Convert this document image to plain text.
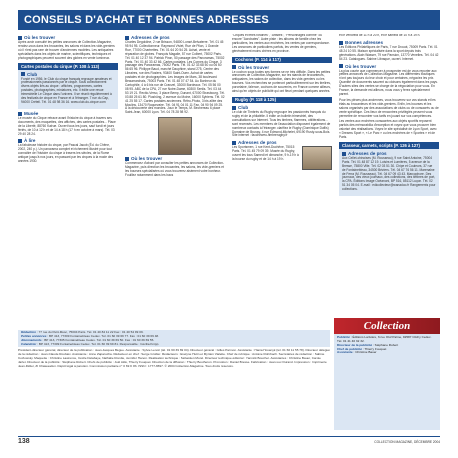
CONSEILS D'ACHAT ET BONNES ADRESSES
Où les trouver
Après avoir consulté les petites annonces de Collection-Magazine, rendez-vous dans les brocantes, les salons et dans les vide-greniers où il n'est pas rare de trouver d'anciennes modèles. Les antiquaires spécialisés dans les objets de marine, scientifiques, techniques et photographiques peuvent souvent des globes en vente lumineux.
Cartes postales du cirque (P. 108 à 113)
Club
Fondé en 1956, le Club du cirque français regroupe amateurs et professionnels passionnés par le cirque. Sous collectionnent divers objets liés au cirque : affiches, programmes, cartes postales, photographies, miniatures, etc. Il édite une revue trimestrielle Le Cirque dans l'univers. Il se réunit régulièrement à des festivals de cirque en France et à l'étranger. 7 rue du Cap, 94000 Créteil. Tél. 01 48 98 36 16. www.club-du-cirque.com
Musée
Le musée du Cirque retrace avant l'histoire du cirque à travers ses documents, des maquettes, des affiches, des cartes postales... Place de la Liberté, 88760 Kalrue. Ouvert tous les jours, sauf lundi et jours fériés, de 10 à 12 h et de 14 à 18 h (17 h en octobre à mars). Tél. 03 29 40 28 24.
À lire
La fabuleuse histoire du cirque, par Pascal Jacob (Éd. du Chêne, 2002, 240 p.). Un panorama complet et richement illustré pour tout connaître de l'histoire du cirque à travers les siècles, de la Rome antique jusqu'à nos jours, en passant par les cirques à la mode des années 1930.
Adresses de pros
Charles Degoldine, 2 rue Brisson, 94800 Lonsé-Belvaterre. Tél. 01 45 95 94 95. Collectionneur. Raymond Viviet, Rue de Pilon, 1 Grande Rue, 77000 Chartrettes. Tél. 01 64 20 54 25. Achat, vente et réparation de globes. François Magalie, 57 rue Colbert, 75002 Paris. Tél. 01 40 12 37 94. Patrick Piron, 50 passage des Panoramas, 75002 Paris. Tél. 01 40 33 42 66. Cartes postales. Les Cornes du Cirque, 3 passage des Panoramas, 75002 Paris. Tél. 01 42 33 68 50 ou 06 60 56 65 96. Philippe Baud, marché Dauphine, stand 275, Centre des Libraires, rue des Rosiers, 93400 Saint-Ouen. Achat de cartes postales et de photographies. Les Images de Mars, 38 boulevard Beaumarchais, 75003 Paris. Tél. 01 48 07 47 54. Au Bonheur du Cartophile, 4 à 6 bis rue de Cranzel, 33000 Bordeaux. Tél. 05 56 00 08 95. ABC de la CPA, 27 rue Notre-Dame, 60300 Senlis. Tél. 03 44 53 19 21. Rectio-Verso, 3 place Bemp, Dunant, 67000 Strasbourg. Tél. 03 88 25 61 80. Plushüng, 2 avenue du Moine, 16000 Sybiens. Tél. 02 41 25 55 17. Cartes postales anciennes. Rétro-Photo, 3 bis allée des Moulins, 13470 Roquevaire. Tél. 04 91 04 01 11 Fax. 04 90 94 09 25. À la découverte des mondes. Joux le Temps, M. Bechereau 6 place Saint-Jean, 60000 Lyon. Tél. 04 78 28 98 92.
Où les trouver
Commencez d'abord par consulter les petites annonces de Collection-Magazine, puis direction les brocantes, les salons, les vide-greniers et les bourses spécialisées où vous trouverez aisément votre bonheur. Fouillez notamment dans les bacs
"Cirques et fêtes foraines", "Artistes", "Personnages comme" ou encore "Acrobates". Autre piste : les albums de famille chez les particuliers, les ventes aux enchères, les ventes par correspondance. Les annonces de particuliers parfois, les ventes de greniers, généralement moins chères en province.
Cochons (P. 114 à 117)
Où les trouver
Le cochon sous toutes ses formes se ne trés difficile. Dans les petites annonces de Collection-Magazine, sur les stands de brocanteurs, antiquaires, les salons de collection, dans les vide-greniers ou les bourses. Vos recherches se porteront particulièrement sur les tirelires, porcelaine, faïence, cochons de souvenirs, en France comme ailleurs, ainsi qu'en objets de publicité qui ont fleuri pendant quelques années.
Rugby (P. 118 à 125)
Club
Le club de Timbrés du Rugby regroupe les passionnés français du rugby et de la philatélie. Il édite un bulletin trimestriel, des consultations sur Internet. Tous les timbres, flammes, oblitérations... sont recensés. Les membres de l'association disposent également de nombreux contacts à l'étranger. clarifiez le Rugby (Dominique Dufils) Domaine de Brunay, 4 rue Edmond-Michelet, 69190 Rusty-sous-Bois. Site internet : faccheweu-fimbrerugby.fr
Adresses de pros
Les Sportsmen, 1 rue Kent-Duchêne, 75015 Paris. Tél. 01 45 79 09 39. Musée du Rugby, ouvert les tous Samedi et dimanche, 9 h-19 h à la bourse du rugby et de 14 h à 19 h.
et le vendredi de 11 h à 20 h, et le samedi de 10 h à 19 h.
Bonnes adresses
Les Éditions Philatéliques de Paris, 7 rue Drouot, 75009 Paris. Tél. 01 48 24 10 55. Maison spécialisée dans la sport depuis trois générations. Alain Wasser, 79 rue Pansion, 13770 Venelles. Tél. 04 42 54 23. Catalogues. Sabine Libraque, ouvert. Internet.
Où les trouver
La plus courte que commencer à prospecter est de vous reporter aux petites annonces de Collection-Magazine. Les différentes boutiques n'ont pas toujours du leur choix et pour certaines, négociez les prix. Quantité de documents sauvent au cloisons également dans les pays. D'autres sites des ventes se charge de la négociation pour vous. En France, la demande est ailleurs, nous vous y ferez spécialement parent.
Pour les pièces plus anciennes, vous trouverez sur vos stands et les étals au brocanteurs et les vide-greniers. Enfin, les bourses et les salons organisés par des associations de clubs ou de consacrés ou de vente spécifique. Ces lieux de rencontres privilégiés peuvent vous permettre de rencontrer vos tarifs en jouant sur vos compétences.
Les ventes aux enchères consacrées aux objets sportifs reposent parfois des mémorabilia d'exception et voyez que vous procurer bien valorisé des réalisations. Voyez le site spécialisé de Lyon Sport, avec « Dreams Sport », « Le Parc » ou les enchères de « Sportes » et de Paris.
Classeur, carnets, scripts (P. 126 à 127)
Adresses de pros
Aux Cellet-chinoises (M. Rousseau), 9 rue Saint Antoine, 75004 Paris. Tél. 01 48 87 12 19. Loisirs et Lumières, 5 avenue de la Bresse, 75800 Ville. Tél. 02 03 51 30. Chipe et Couleurs, 37 rue de Fontainebleau, 34500 Béziers. Tél. 04 67 76 56 11. Marenalne de Ferra (M. Rousseau), Tél. 04 67 09 43 43. Marcophore. Des journaux, des vieux journaux, des collections, des timbres de port, la CPA. Éditions Image Océanoni, BP 516, 85112 Luçon. Tél. 02 51 34 05 04. E-mail : edicollecteur@wanadoo.fr Rangements pour collections.
Rédaction : 77 rue du Petit-Musc, 75004 Paris. Tél. 01 40 84 11 22 Fax : 01 40 54 99 09.
Petites annonces : BP 413, 77309 Fontainebleau Cedex. Tél. 01 60 39 69 77. Fax : 01 60 39 69 48.
Abonnements : BP 413, 77305 Fontainebleau Cedex. Tél. 01 60 39 69 50. Fax : 01 60 39 69 55.
Calendrier : BP 413, 77309 Fontainebleau Cedex. Tél. 01 60 39 69 81. Responsable : Cécilia Knipp.
Président-directeur général, directeur de la publication : Jean-Jacques Bègue. Assistante : Sylvie Lenoir (tél. 01 60 39 69 04). Directeur général : Gilles Parmon. Assistante : Hania Hovanyk (tél. 01 60 11 55 78). Directeur délégué de la rédaction : Jean-Claude Roubaix. Assistante : Anne Zaparucha. Rédacteur en chef : Serge Grollier. Rédacteurs : Evelyne Hutin et Myriam Vialette. Chef de rubrique : Antoine Rohrbach. Secrétaires de rédaction : Sabine Cozlowsky. Maquette : Christine Lawrence, Cécile Delabaye, Nathalie Rondie, Jennifer Hanon. Réalisation technique : Sébastien Morel. Directeur technique éditorial : Yannick Boucher. Assistantes : Christine Bauer, Carole Jarlet. Directeur de la publicité : Stéphane Robert. Chefs de publicité : Joël Aldo, Thierry Fouquet. Direction de la diffusion : Thierry Boutheron. Promotion : Daniel Bresse. Fabrication : Jean-Luc Durand. Impression : Imprimerie Jean-Didier, ZI Chateaudun. Dépôt légal à parution. Commission paritaire n° 0 69 K 83. ISSN : 1777-6597. © 2004 Collection-Magazine. Tous droits réservés.
Collection
Publicité : Éditions Larivière, 6 rue Olof Palme, 92587 Clichy Cedex. Tél. 01 41 40 32 32.
Directeur de la publicité : Stéphane Robert
Chef de publicité : Thierry Fouquet
Assistante : Christine Bauer
138	COLLECTION MAGAZINE, DÉCEMBRE 2004
